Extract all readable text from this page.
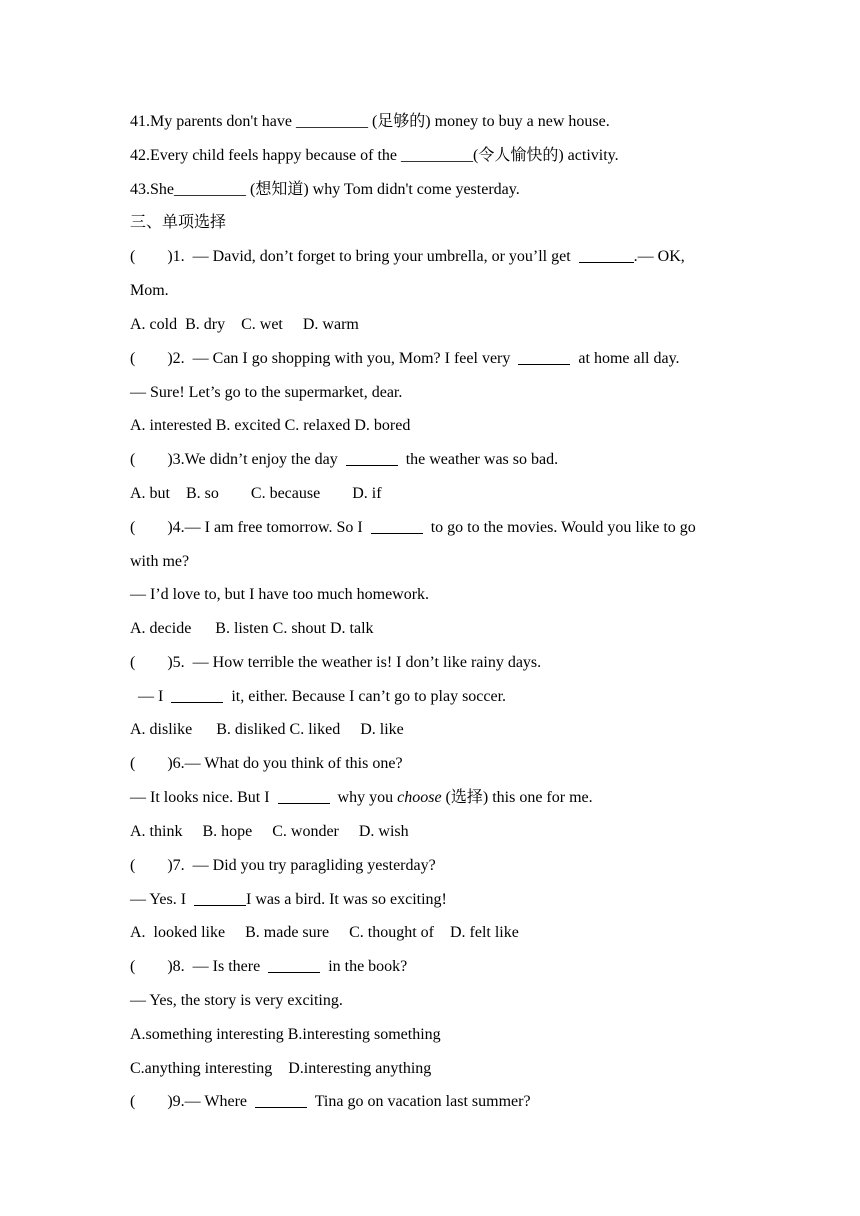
41.My parents don't have _________ (足够的) money to buy a new house.
42.Every child feels happy because of the _________(令人愉快的) activity.
43.She_________ (想知道) why Tom didn't come yesterday.
三、单项选择
( )1. — David, don’t forget to bring your umbrella, or you’ll get	.— OK,
Mom.
A. cold  B. dry    C. wet     D. warm
( )2. — Can I go shopping with you, Mom? I feel very	at home all day.
— Sure! Let’s go to the supermarket, dear.
A. interested B. excited C. relaxed D. bored
( )3.We didn’t enjoy the day	the weather was so bad.
A. but    B. so        C. because        D. if
( )4.— I am free tomorrow. So I	to go to the movies. Would you like to go
with me?
— I’d love to, but I have too much homework.
A. decide      B. listen C. shout D. talk
( )5. — How terrible the weather is! I don’t like rainy days.
— I	it, either. Because I can’t go to play soccer.
A. dislike      B. disliked C. liked     D. like
( )6.— What do you think of this one?
— It looks nice. But I	why you choose (选择) this one for me.
A. think     B. hope     C. wonder     D. wish
( )7. — Did you try paragliding yesterday?
— Yes. I	I was a bird. It was so exciting!
A.  looked like     B. made sure     C. thought of    D. felt like
( )8. — Is there	in the book?
— Yes, the story is very exciting.
A.something interesting B.interesting something
C.anything interesting    D.interesting anything
( )9.— Where	Tina go on vacation last summer?
